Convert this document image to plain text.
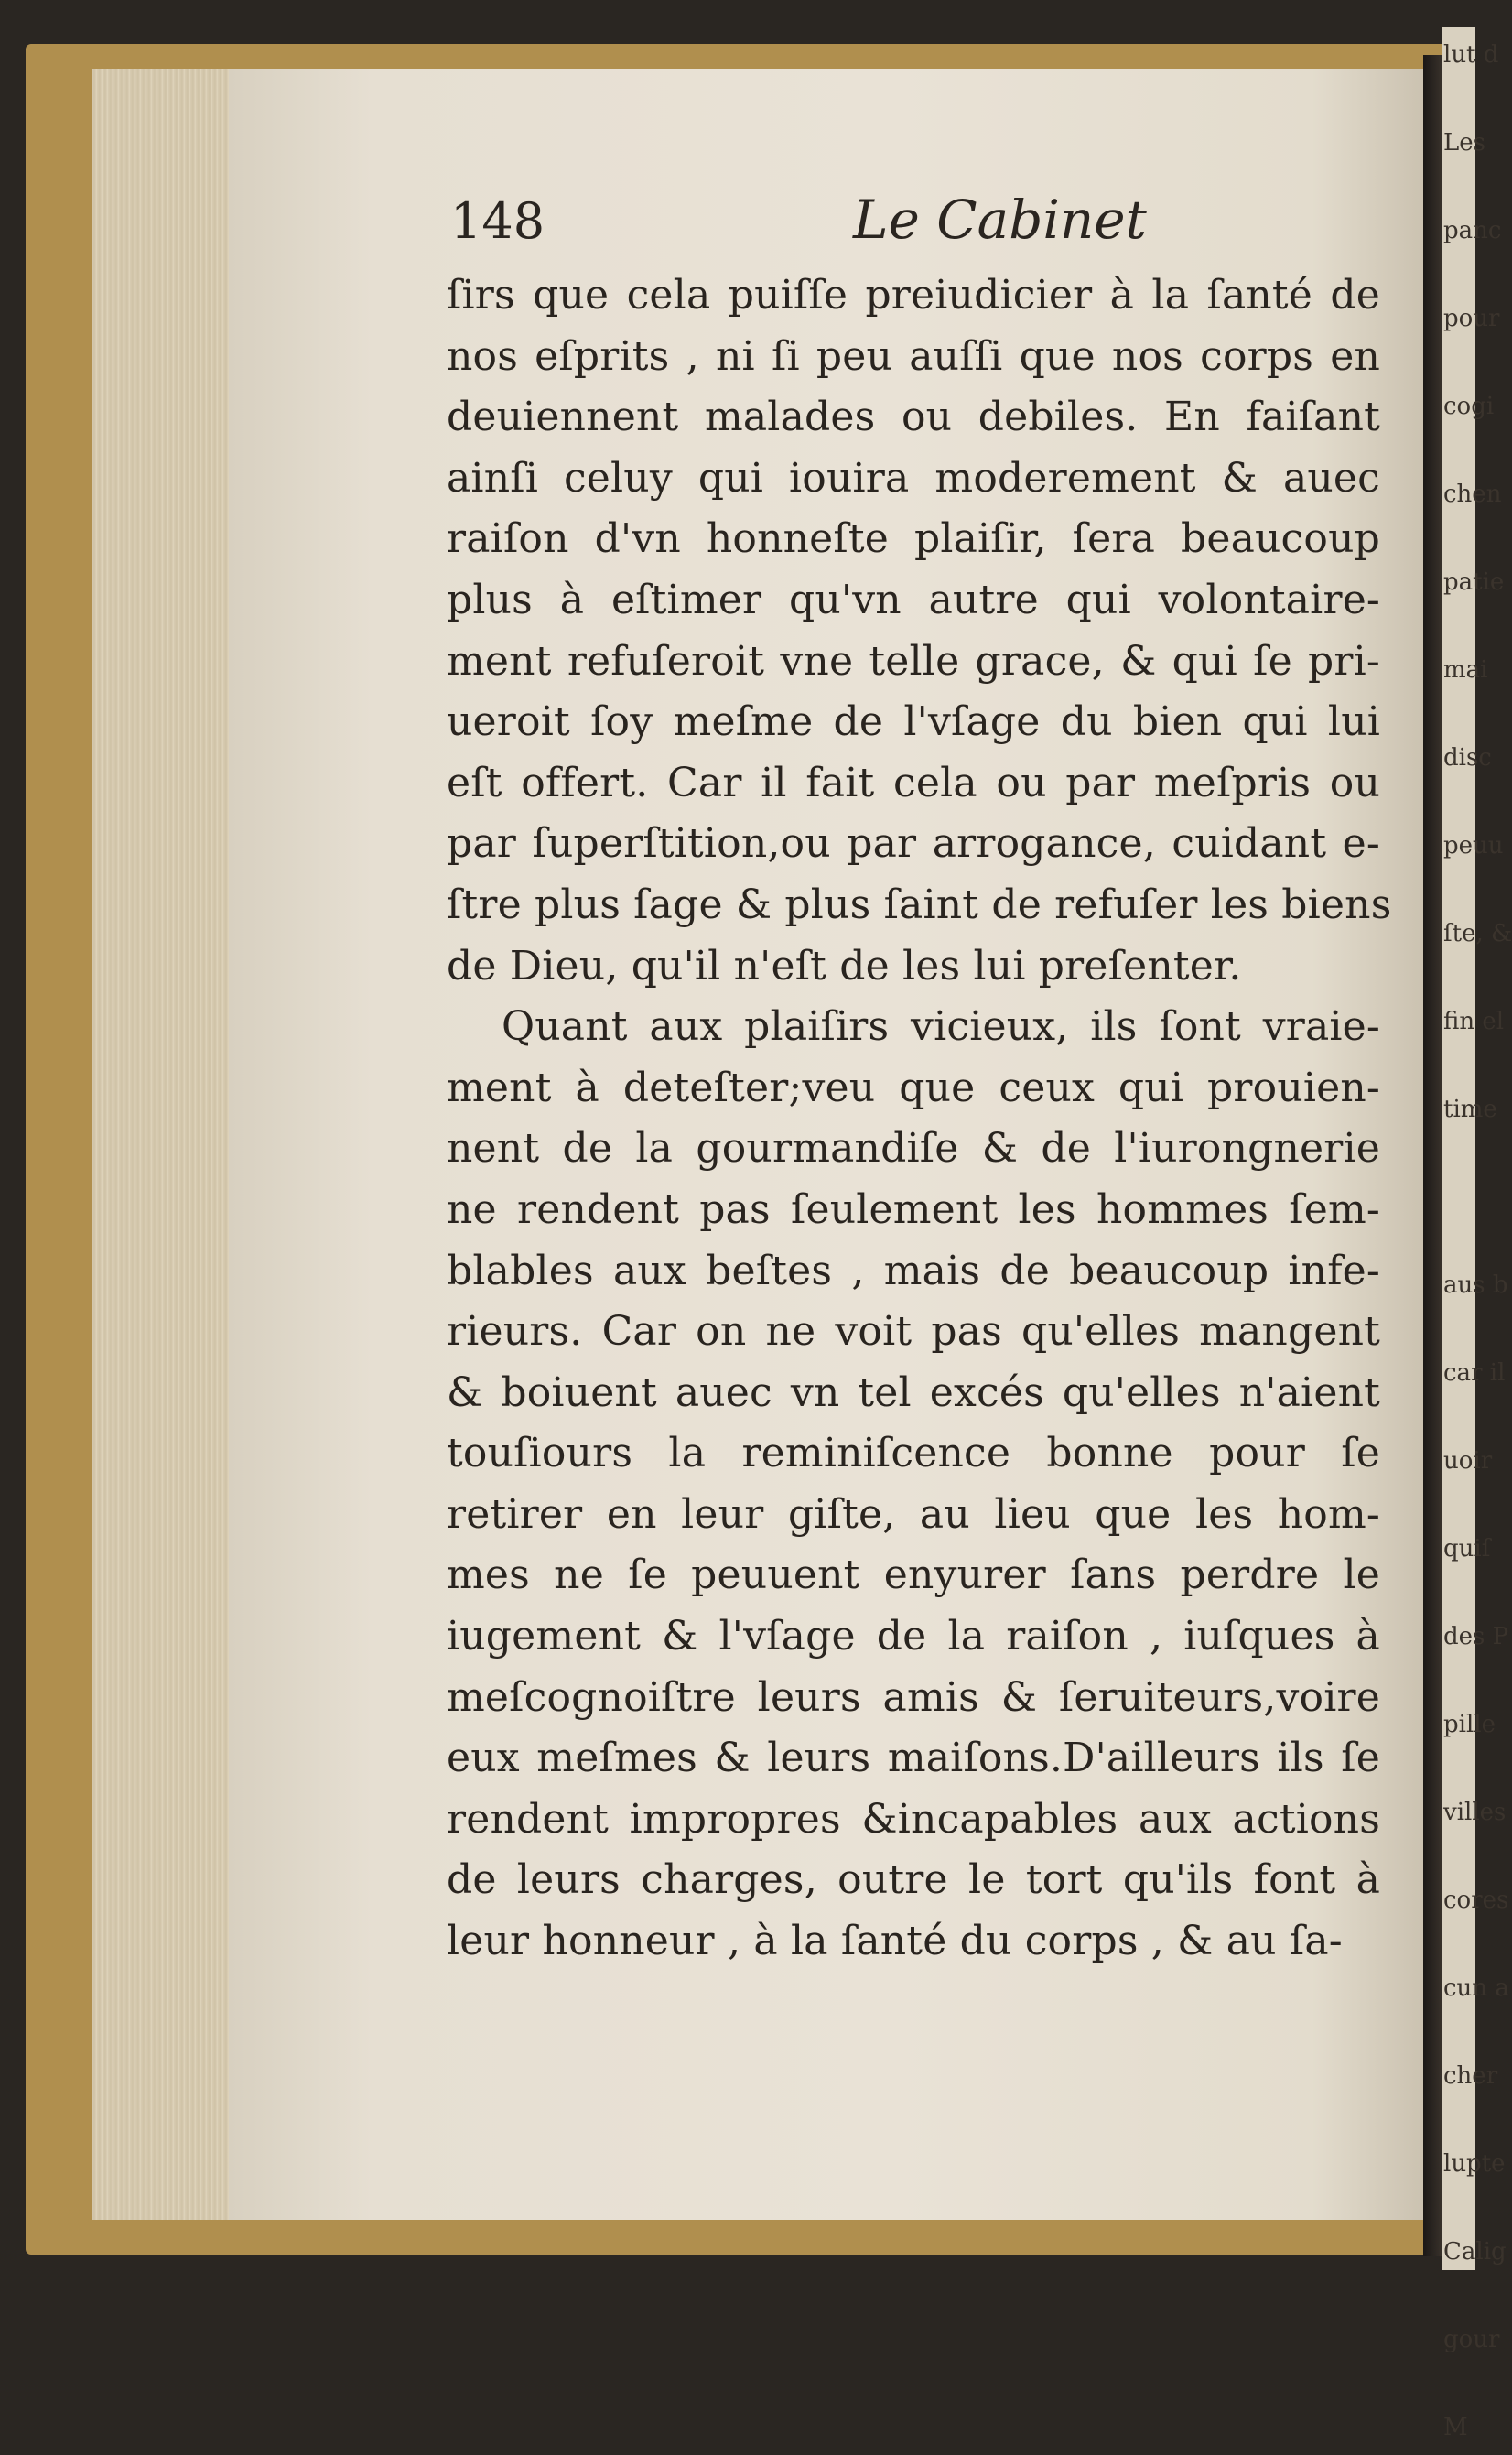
lut d
Les
panc
pour
cogi
chen
patie
mai
disc
peuu
ſte, &
fin el
time
aus b
car il
uoir
quiſ
des P
pille
villes
cores
cun a
cher
lupte
Calig
gour
M
148	Le Cabinet
ſirs que cela puiſſe preiudicier à la ſanté de
nos eſprits , ni ſi peu auſſi que nos corps en
deuiennent malades ou debiles. En faiſant
ainſi celuy qui iouira moderement & auec
raiſon d'vn honneſte plaiſir, ſera beaucoup
plus à eſtimer qu'vn autre qui volontaire-
ment refuſeroit vne telle grace, & qui ſe pri-
ueroit ſoy meſme de l'vſage du bien qui lui
eſt offert. Car il fait cela ou par meſpris ou
par ſuperſtition,ou par arrogance, cuidant e-
ſtre plus ſage & plus ſaint de refuſer les biens
de Dieu, qu'il n'eſt de les lui preſenter.
Quant aux plaiſirs vicieux, ils ſont vraie-
ment à deteſter;veu que ceux qui prouien-
nent de la gourmandiſe & de l'iurongnerie
ne rendent pas ſeulement les hommes ſem-
blables aux beſtes , mais de beaucoup infe-
rieurs. Car on ne voit pas qu'elles mangent
& boiuent auec vn tel excés qu'elles n'aient
touſiours la reminiſcence bonne pour ſe
retirer en leur giſte, au lieu que les hom-
mes ne ſe peuuent enyurer ſans perdre le
iugement & l'vſage de la raiſon , iuſques à
meſcognoiſtre leurs amis & ſeruiteurs,voire
eux meſmes & leurs maiſons.D'ailleurs ils ſe
rendent impropres &incapables aux actions
de leurs charges, outre le tort qu'ils font à
leur honneur , à la ſanté du corps , & au ſa-
